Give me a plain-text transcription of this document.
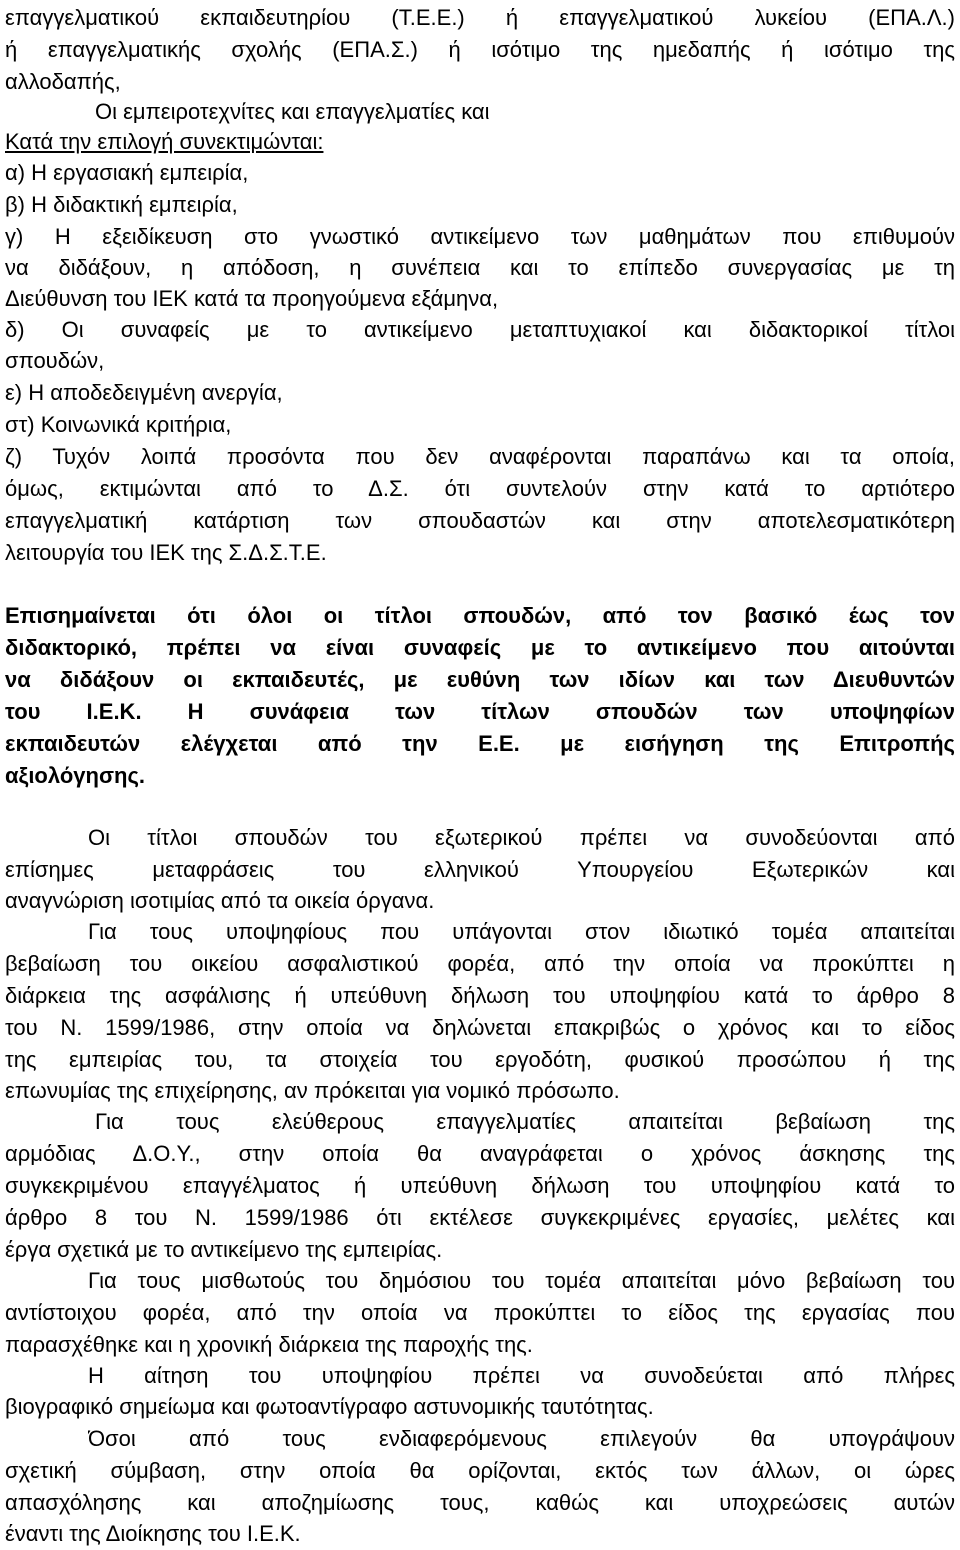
επαγγελματικού εκπαιδευτηρίου (Τ.Ε.Ε.) ή επαγγελματικού λυκείου (ΕΠΑ.Λ.)
ή επαγγελματικής σχολής (ΕΠΑ.Σ.) ή ισότιμο της ημεδαπής ή ισότιμο της
αλλοδαπής,
Οι εμπειροτεχνίτες και επαγγελματίες και
Κατά την επιλογή συνεκτιμώνται:
α) Η εργασιακή εμπειρία,
β) Η διδακτική εμπειρία,
γ) Η εξειδίκευση στο γνωστικό αντικείμενο των μαθημάτων που επιθυμούν
να διδάξουν, η απόδοση, η συνέπεια και το επίπεδο συνεργασίας με τη
Διεύθυνση του ΙΕΚ κατά τα προηγούμενα εξάμηνα,
δ) Οι συναφείς με το αντικείμενο μεταπτυχιακοί και διδακτορικοί τίτλοι
σπουδών,
ε) Η αποδεδειγμένη ανεργία,
στ) Κοινωνικά κριτήρια,
ζ) Τυχόν λοιπά προσόντα που δεν αναφέρονται παραπάνω και τα οποία,
όμως, εκτιμώνται από το Δ.Σ. ότι συντελούν στην κατά το αρτιότερο
επαγγελματική κατάρτιση των σπουδαστών και στην αποτελεσματικότερη
λειτουργία του ΙΕΚ της Σ.Δ.Σ.Τ.Ε.
Επισημαίνεται ότι όλοι οι τίτλοι σπουδών, από τον βασικό έως τον
διδακτορικό, πρέπει να είναι συναφείς με το αντικείμενο που αιτούνται
να διδάξουν οι εκπαιδευτές, με ευθύνη των ιδίων και των Διευθυντών
του Ι.Ε.Κ. Η συνάφεια των τίτλων σπουδών των υποψηφίων
εκπαιδευτών ελέγχεται από την Ε.Ε. με εισήγηση της Επιτροπής
αξιολόγησης.
Οι τίτλοι σπουδών του εξωτερικού πρέπει να συνοδεύονται από
επίσημες μεταφράσεις του ελληνικού Υπουργείου Εξωτερικών και
αναγνώριση ισοτιμίας από τα οικεία όργανα.
Για τους υποψηφίους που υπάγονται στον ιδιωτικό τομέα απαιτείται
βεβαίωση του οικείου ασφαλιστικού φορέα, από την οποία να προκύπτει η
διάρκεια της ασφάλισης ή υπεύθυνη δήλωση του υποψηφίου κατά το άρθρο 8
του Ν. 1599/1986, στην οποία να δηλώνεται επακριβώς ο χρόνος και το είδος
της εμπειρίας του, τα στοιχεία του εργοδότη, φυσικού προσώπου ή της
επωνυμίας της επιχείρησης, αν πρόκειται για νομικό πρόσωπο.
Για τους ελεύθερους επαγγελματίες απαιτείται βεβαίωση της
αρμόδιας Δ.Ο.Υ., στην οποία θα αναγράφεται ο χρόνος άσκησης της
συγκεκριμένου επαγγέλματος ή υπεύθυνη δήλωση του υποψηφίου κατά το
άρθρο 8 του Ν. 1599/1986 ότι εκτέλεσε συγκεκριμένες εργασίες, μελέτες και
έργα σχετικά με το αντικείμενο της εμπειρίας.
Για τους μισθωτούς του δημόσιου του τομέα απαιτείται μόνο βεβαίωση του
αντίστοιχου φορέα, από την οποία να προκύπτει το είδος της εργασίας που
παρασχέθηκε και η χρονική διάρκεια της παροχής της.
Η αίτηση του υποψηφίου πρέπει να συνοδεύεται από πλήρες
βιογραφικό σημείωμα και φωτοαντίγραφο αστυνομικής ταυτότητας.
Όσοι από τους ενδιαφερόμενους επιλεγούν θα υπογράψουν
σχετική σύμβαση, στην οποία θα ορίζονται, εκτός των άλλων, οι ώρες
απασχόλησης και αποζημίωσης τους, καθώς και υποχρεώσεις αυτών
έναντι της Διοίκησης του Ι.Ε.Κ.
